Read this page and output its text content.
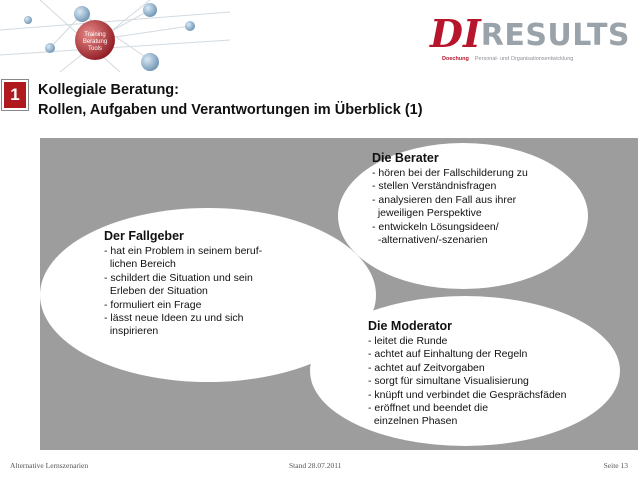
Training
Beratung
Tools	DI RESULTS
Doechung Personal- und Organisationsentwicklung
1	Kollegiale Beratung:
Rollen, Aufgaben und Verantwortungen im Überblick (1)
Die Berater
- hören bei der Fallschilderung zu
- stellen Verständnisfragen
- analysieren den Fall aus ihrer
jeweiligen Perspektive
- entwickeln Lösungsideen/
-alternativen/-szenarien
Der Fallgeber
- hat ein Problem in seinem beruf-
lichen Bereich
- schildert die Situation und sein
Erleben der Situation
- formuliert ein Frage
- lässt neue Ideen zu und sich
inspirieren	Die Moderator
- leitet die Runde
- achtet auf Einhaltung der Regeln
- achtet auf Zeitvorgaben
- sorgt für simultane Visualisierung
- knüpft und verbindet die Gesprächsfäden
- eröffnet und beendet die
einzelnen Phasen
Alternative Lernszenarien	Stand 28.07.2011	Seite 13
